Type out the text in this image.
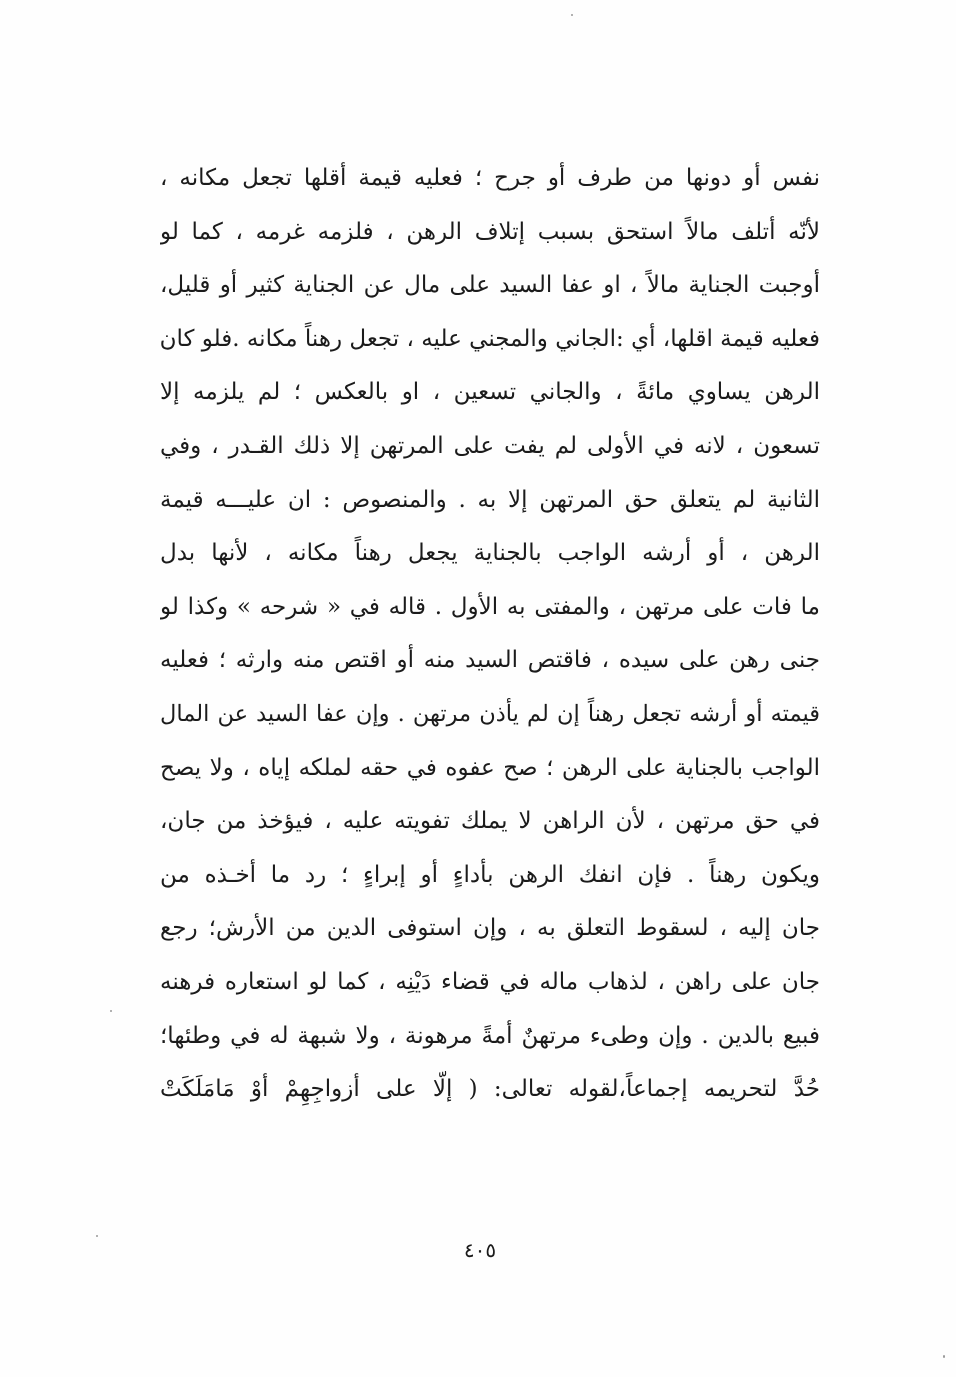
نفس أو دونها من طرف أو جرح ؛ فعليه قيمة أقلها تجعل مكانه ،
لأنّه أتلف مالاً استحق بسبب إتلاف الرهن ، فلزمه غرمه ، كما لو
أوجبت الجناية مالاً ، او عفا السيد على مال عن الجناية كثير أو قليل،
فعليه قيمة اقلها، أي :الجاني والمجني عليه ، تجعل رهناً مكانه .فلو كان
الرهن يساوي مائةً ، والجاني تسعين ، او بالعكس ؛ لم يلزمه إلا
تسعون ، لانه في الأولى لم يفت على المرتهن إلا ذلك القـدر ، وفي
الثانية لم يتعلق حق المرتهن إلا به . والمنصوص : ان عليـــه قيمة
الرهن ، أو أرشه الواجب بالجناية يجعل رهناً مكانه ، لأنها بدل
ما فات على مرتهن ، والمفتى به الأول . قاله في « شرحه » وكذا لو
جنى رهن على سيده ، فاقتص السيد منه أو اقتص منه وارثه ؛ فعليه
قيمته أو أرشه تجعل رهناً إن لم يأذن مرتهن . وإن عفا السيد عن المال
الواجب بالجناية على الرهن ؛ صح عفوه في حقه لملكه إياه ، ولا يصح
في حق مرتهن ، لأن الراهن لا يملك تفويته عليه ، فيؤخذ من جان،
ويكون رهناً . فإن انفك الرهن بأداءٍ أو إبراءٍ ؛ رد ما أخـذه من
جان إليه ، لسقوط التعلق به ، وإن استوفى الدين من الأرش؛ رجع
جان على راهن ، لذهاب ماله في قضاء دَيْنِه ، كما لو استعاره فرهنه
فبيع بالدين . وإن وطىء مرتهنٌ أمةً مرهونة ، ولا شبهة له في وطئها؛
حُدَّ لتحريمه إجماعاً،لقوله تعالى: ( إلّا على أزواجِهِمْ أوْ مَامَلَكَتْ
٤٠٥
